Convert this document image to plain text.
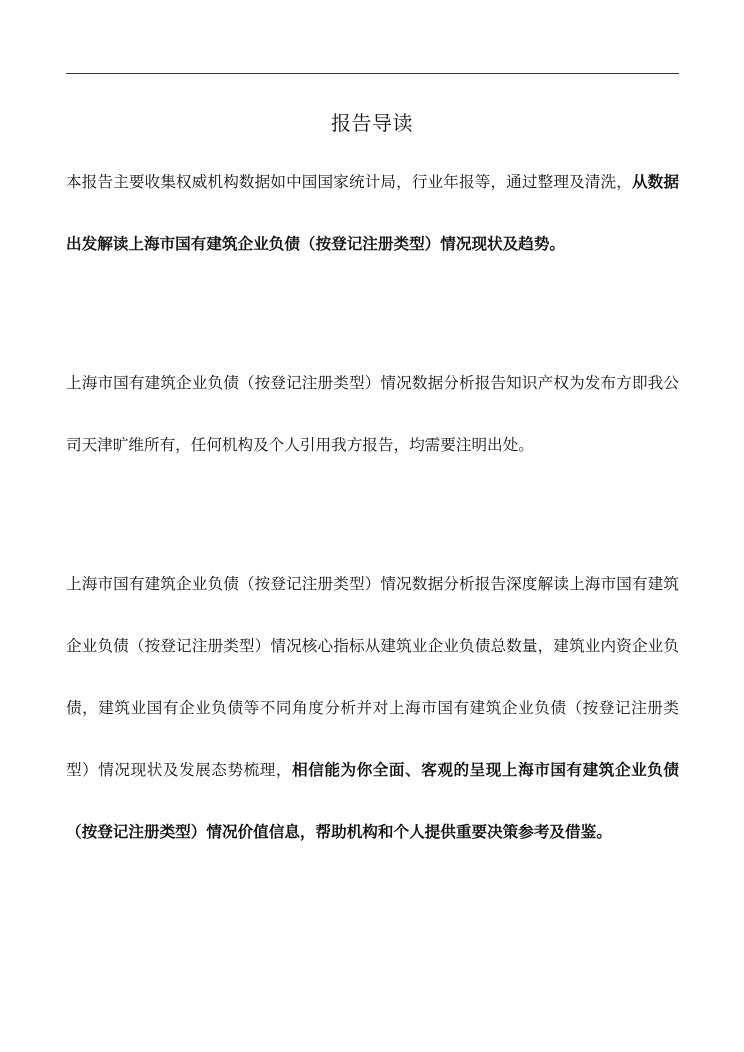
报告导读

本报告主要收集权威机构数据如中国国家统计局，行业年报等，通过整理及清洗，从数据出发解读上海市国有建筑企业负债（按登记注册类型）情况现状及趋势。

上海市国有建筑企业负债（按登记注册类型）情况数据分析报告知识产权为发布方即我公司天津旷维所有，任何机构及个人引用我方报告，均需要注明出处。

上海市国有建筑企业负债（按登记注册类型）情况数据分析报告深度解读上海市国有建筑企业负债（按登记注册类型）情况核心指标从建筑业企业负债总数量，建筑业内资企业负债，建筑业国有企业负债等不同角度分析并对上海市国有建筑企业负债（按登记注册类型）情况现状及发展态势梳理，相信能为你全面、客观的呈现上海市国有建筑企业负债（按登记注册类型）情况价值信息，帮助机构和个人提供重要决策参考及借鉴。
